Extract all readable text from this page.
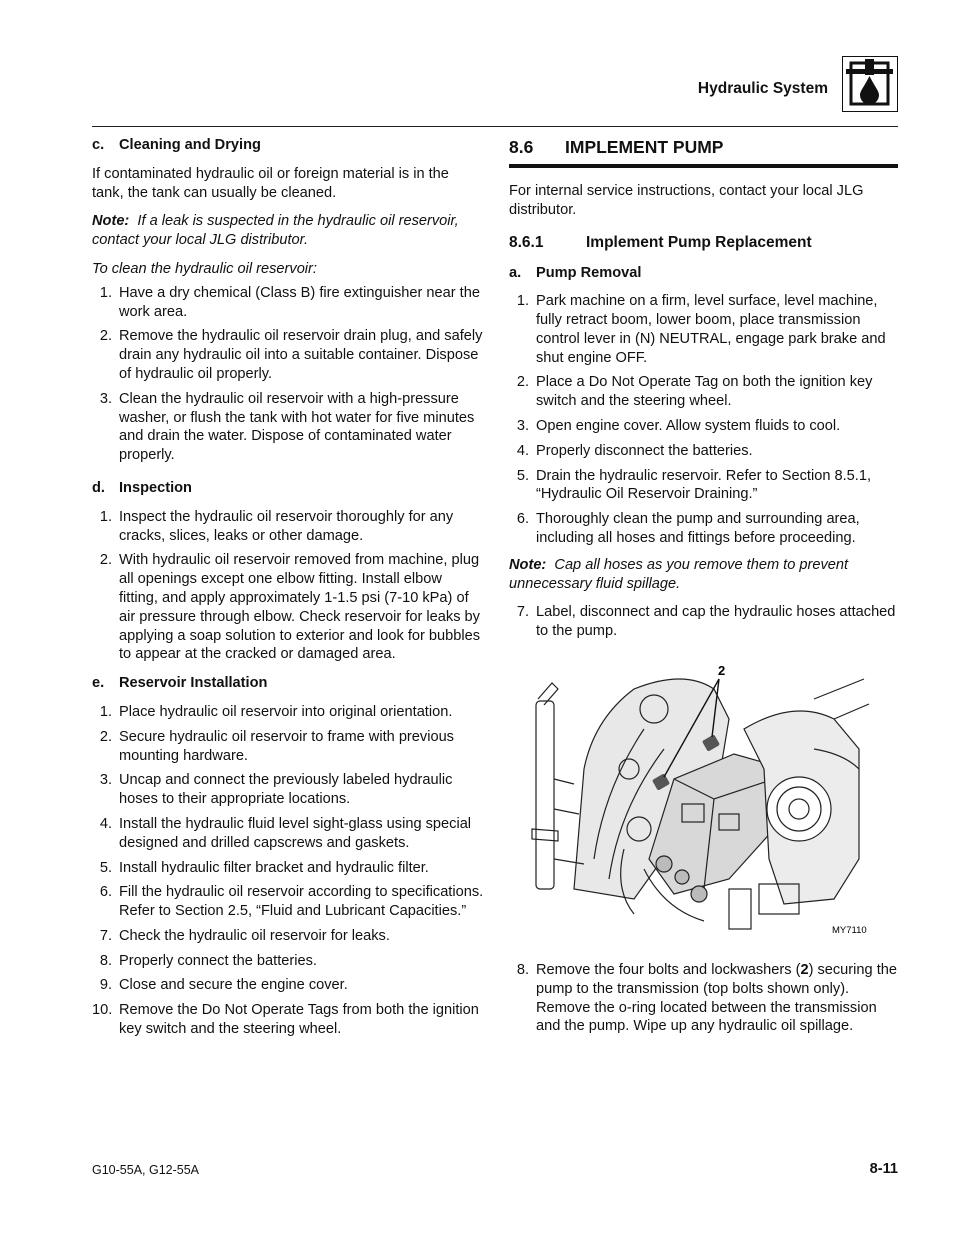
Hydraulic System
c. Cleaning and Drying

If contaminated hydraulic oil or foreign material is in the tank, the tank can usually be cleaned.

Note: If a leak is suspected in the hydraulic oil reservoir, contact your local JLG distributor.

To clean the hydraulic oil reservoir:

1. Have a dry chemical (Class B) fire extinguisher near the work area.
2. Remove the hydraulic oil reservoir drain plug, and safely drain any hydraulic oil into a suitable container. Dispose of hydraulic oil properly.
3. Clean the hydraulic oil reservoir with a high-pressure washer, or flush the tank with hot water for five minutes and drain the water. Dispose of contaminated water properly.
d. Inspection
1. Inspect the hydraulic oil reservoir thoroughly for any cracks, slices, leaks or other damage.
2. With hydraulic oil reservoir removed from machine, plug all openings except one elbow fitting. Install elbow fitting, and apply approximately 1-1.5 psi (7-10 kPa) of air pressure through elbow. Check reservoir for leaks by applying a soap solution to exterior and look for bubbles to appear at the cracked or damaged area.
e. Reservoir Installation
1. Place hydraulic oil reservoir into original orientation.
2. Secure hydraulic oil reservoir to frame with previous mounting hardware.
3. Uncap and connect the previously labeled hydraulic hoses to their appropriate locations.
4. Install the hydraulic fluid level sight-glass using special designed and drilled capscrews and gaskets.
5. Install hydraulic filter bracket and hydraulic filter.
6. Fill the hydraulic oil reservoir according to specifications. Refer to Section 2.5, “Fluid and Lubricant Capacities.”
7. Check the hydraulic oil reservoir for leaks.
8. Properly connect the batteries.
9. Close and secure the engine cover.
10. Remove the Do Not Operate Tags from both the ignition key switch and the steering wheel.
8.6 IMPLEMENT PUMP

For internal service instructions, contact your local JLG distributor.

8.6.1	Implement Pump Replacement
a. Pump Removal
1. Park machine on a firm, level surface, level machine, fully retract boom, lower boom, place transmission control lever in (N) NEUTRAL, engage park brake and shut engine OFF.
2. Place a Do Not Operate Tag on both the ignition key switch and the steering wheel.
3. Open engine cover. Allow system fluids to cool.
4. Properly disconnect the batteries.
5. Drain the hydraulic reservoir. Refer to Section 8.5.1, “Hydraulic Oil Reservoir Draining.”
6. Thoroughly clean the pump and surrounding area, including all hoses and fittings before proceeding.

Note: Cap all hoses as you remove them to prevent unnecessary fluid spillage.

7. Label, disconnect and cap the hydraulic hoses attached to the pump.
2
MY7110
8. Remove the four bolts and lockwashers (2) securing the pump to the transmission (top bolts shown only). Remove the o-ring located between the transmission and the pump. Wipe up any hydraulic oil spillage.
G10-55A, G12-55A	8-11
